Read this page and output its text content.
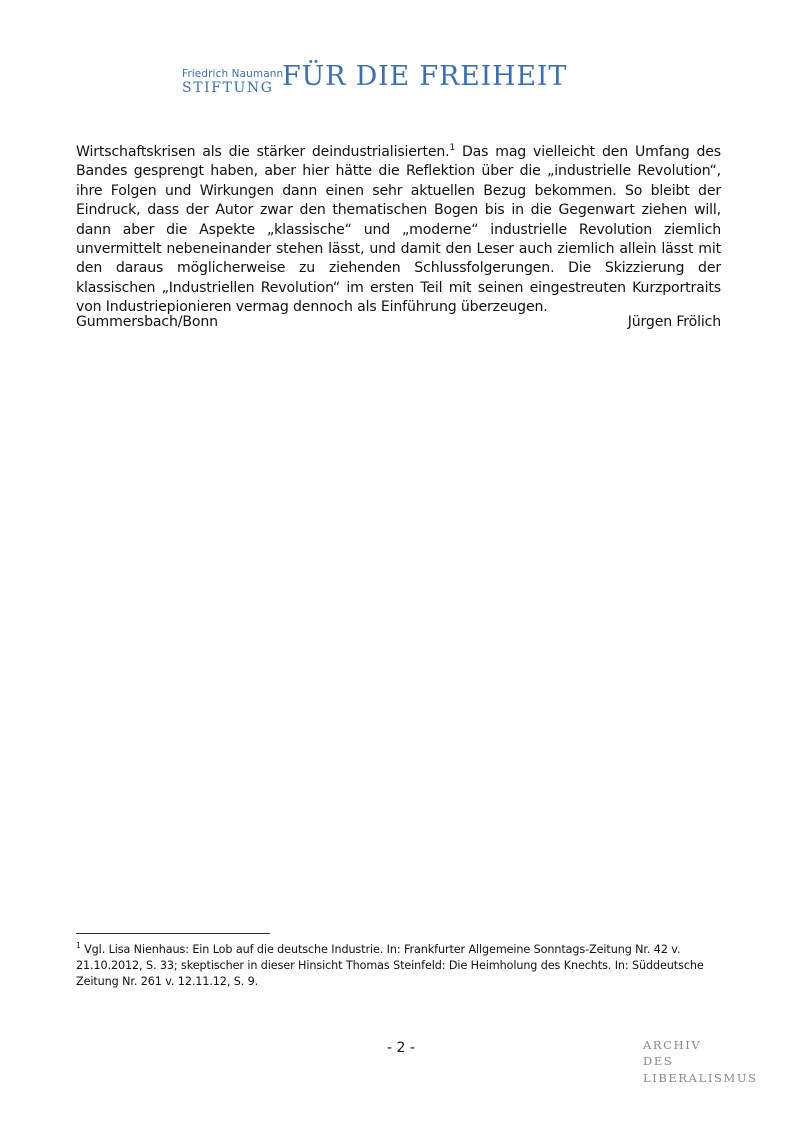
Friedrich Naumann
STIFTUNG FÜR DIE FREIHEIT

Wirtschaftskrisen als die stärker deindustrialisierten.$^1$ Das mag vielleicht den Umfang des Bandes gesprengt haben, aber hier hätte die Reflektion über die „industrielle Revolution“, ihre Folgen und Wirkungen dann einen sehr aktuellen Bezug bekommen. So bleibt der Eindruck, dass der Autor zwar den thematischen Bogen bis in die Gegenwart ziehen will, dann aber die Aspekte „klassische“ und „moderne“ industrielle Revolution ziemlich unvermittelt nebeneinander stehen lässt, und damit den Leser auch ziemlich allein lässt mit den daraus möglicherweise zu ziehenden Schlussfolgerungen. Die Skizzierung der klassischen „Industriellen Revolution“ im ersten Teil mit seinen eingestreuten Kurzportraits von Industriepionieren vermag dennoch als Einführung überzeugen.

Gummersbach/Bonn	Jürgen Frölich

$^1$ Vgl. Lisa Nienhaus: Ein Lob auf die deutsche Industrie. In: Frankfurter Allgemeine Sonntags-Zeitung Nr. 42 v. 21.10.2012, S. 33; skeptischer in dieser Hinsicht Thomas Steinfeld: Die Heimholung des Knechts. In: Süddeutsche Zeitung Nr. 261 v. 12.11.12, S. 9.

- 2 -	ARCHIV
DES
LIBERALISMUS
